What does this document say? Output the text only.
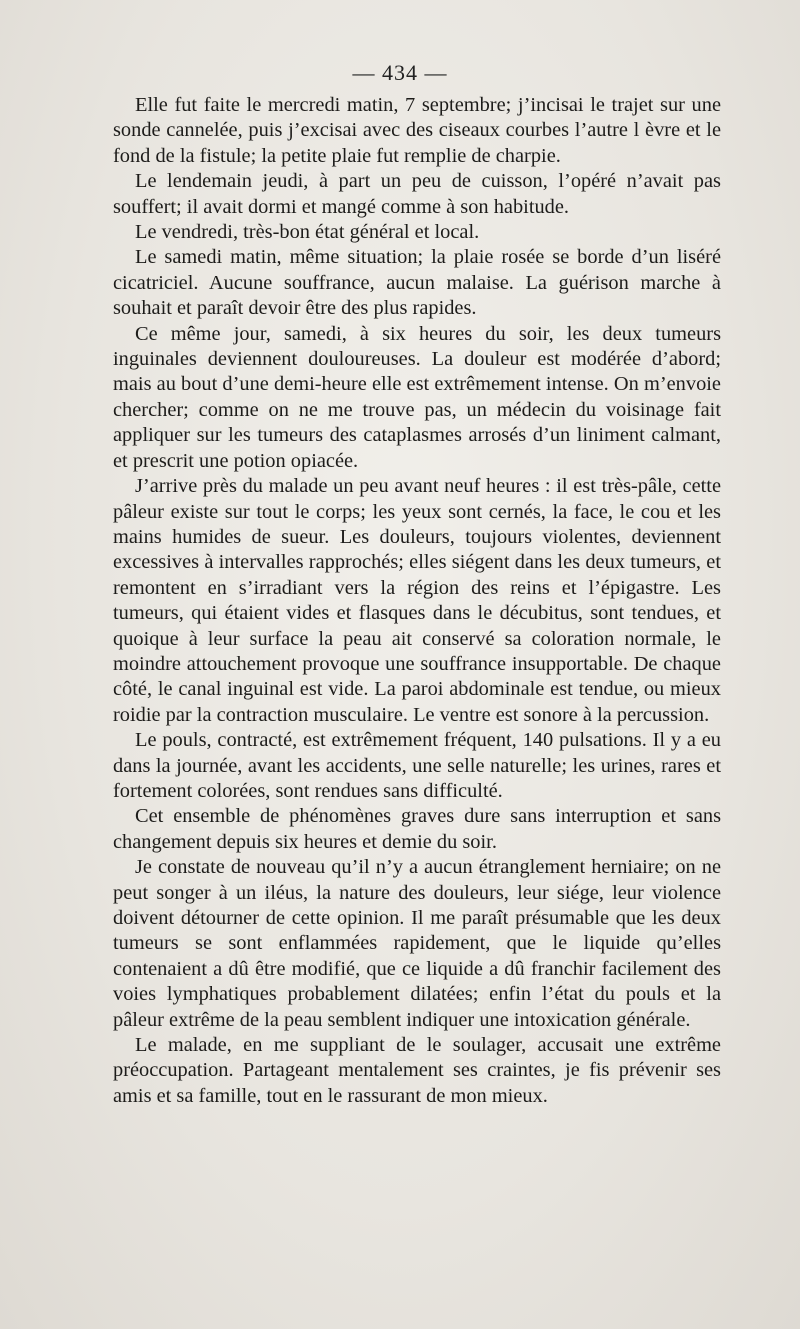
— 434 —

Elle fut faite le mercredi matin, 7 septembre; j’incisai le trajet sur une sonde cannelée, puis j’excisai avec des ciseaux courbes l’autre l èvre et le fond de la fistule; la petite plaie fut remplie de charpie.

Le lendemain jeudi, à part un peu de cuisson, l’opéré n’avait pas souffert; il avait dormi et mangé comme à son habitude.

Le vendredi, très-bon état général et local.

Le samedi matin, même situation; la plaie rosée se borde d’un liséré cicatriciel. Aucune souffrance, aucun malaise. La guérison marche à souhait et paraît devoir être des plus rapides.

Ce même jour, samedi, à six heures du soir, les deux tumeurs inguinales deviennent douloureuses. La douleur est modérée d’abord; mais au bout d’une demi-heure elle est extrêmement intense. On m’envoie chercher; comme on ne me trouve pas, un médecin du voisinage fait appliquer sur les tumeurs des cataplasmes arrosés d’un liniment calmant, et prescrit une potion opiacée.

J’arrive près du malade un peu avant neuf heures : il est très-pâle, cette pâleur existe sur tout le corps; les yeux sont cernés, la face, le cou et les mains humides de sueur. Les douleurs, toujours violentes, deviennent excessives à intervalles rapprochés; elles siégent dans les deux tumeurs, et remontent en s’irradiant vers la région des reins et l’épigastre. Les tumeurs, qui étaient vides et flasques dans le décubitus, sont tendues, et quoique à leur surface la peau ait conservé sa coloration normale, le moindre attouchement provoque une souffrance insupportable. De chaque côté, le canal inguinal est vide. La paroi abdominale est tendue, ou mieux roidie par la contraction musculaire. Le ventre est sonore à la percussion.

Le pouls, contracté, est extrêmement fréquent, 140 pulsations. Il y a eu dans la journée, avant les accidents, une selle naturelle; les urines, rares et fortement colorées, sont rendues sans difficulté.

Cet ensemble de phénomènes graves dure sans interruption et sans changement depuis six heures et demie du soir.

Je constate de nouveau qu’il n’y a aucun étranglement herniaire; on ne peut songer à un iléus, la nature des douleurs, leur siége, leur violence doivent détourner de cette opinion. Il me paraît présumable que les deux tumeurs se sont enflammées rapidement, que le liquide qu’elles contenaient a dû être modifié, que ce liquide a dû franchir facilement des voies lymphatiques probablement dilatées; enfin l’état du pouls et la pâleur extrême de la peau semblent indiquer une intoxication générale.

Le malade, en me suppliant de le soulager, accusait une extrême préoccupation. Partageant mentalement ses craintes, je fis prévenir ses amis et sa famille, tout en le rassurant de mon mieux.
